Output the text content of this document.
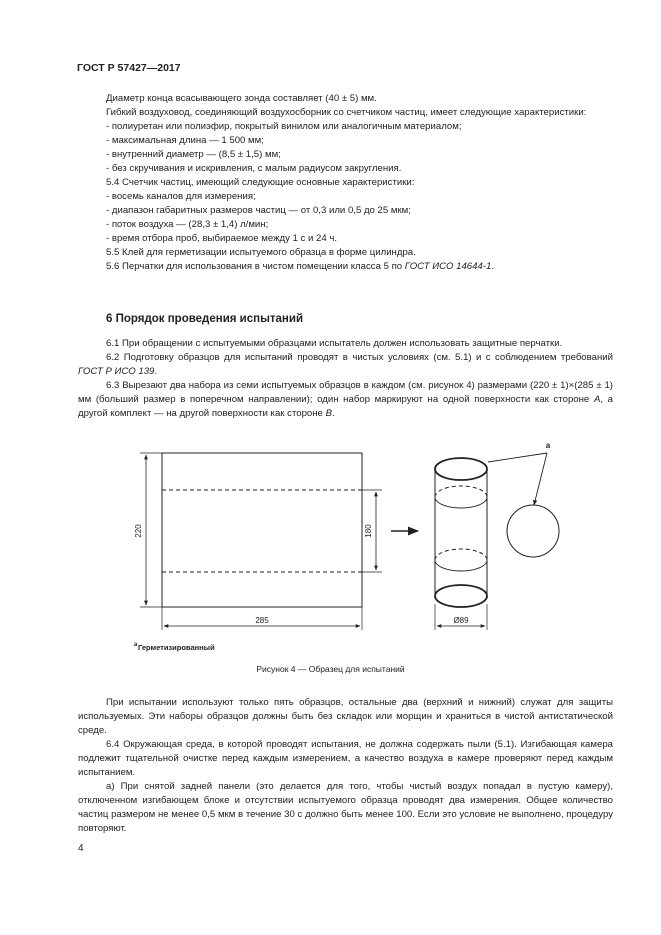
ГОСТ Р 57427—2017

Диаметр конца всасывающего зонда составляет (40 ± 5) мм.

Гибкий воздуховод, соединяющий воздухосборник со счетчиком частиц, имеет следующие характеристики:

- полиуретан или полиэфир, покрытый винилом или аналогичным материалом;

- максимальная длина — 1 500 мм;

- внутренний диаметр — (8,5 ± 1,5) мм;

- без скручивания и искривления, с малым радиусом закругления.

5.4 Счетчик частиц, имеющий следующие основные характеристики:

- восемь каналов для измерения;

- диапазон габаритных размеров частиц — от 0,3 или 0,5 до 25 мкм;

- поток воздуха — (28,3 ± 1,4) л/мин;

- время отбора проб, выбираемое между 1 с и 24 ч.

5.5 Клей для герметизации испытуемого образца в форме цилиндра.

5.6 Перчатки для использования в чистом помещении класса 5 по ГОСТ ИСО 14644-1.

6 Порядок проведения испытаний

6.1 При обращении с испытуемыми образцами испытатель должен использовать защитные перчатки.

6.2 Подготовку образцов для испытаний проводят в чистых условиях (см. 5.1) и с соблюдением требований ГОСТ Р ИСО 139.

6.3 Вырезают два набора из семи испытуемых образцов в каждом (см. рисунок 4) размерами (220 ± 1)×(285 ± 1) мм (больший размер в поперечном направлении); один набор маркируют на одной поверхности как стороне А, а другой комплект — на другой поверхности как стороне В.

220	180
285	Ø89
a
a Герметизированный
Рисунок 4 — Образец для испытаний

При испытании используют только пять образцов, остальные два (верхний и нижний) служат для защиты используемых. Эти наборы образцов должны быть без складок или морщин и храниться в чистой антистатической среде.

6.4 Окружающая среда, в которой проводят испытания, не должна содержать пыли (5.1). Изгибающая камера подлежит тщательной очистке перед каждым измерением, а качество воздуха в камере проверяют перед каждым испытанием.

а) При снятой задней панели (это делается для того, чтобы чистый воздух попадал в пустую камеру), отключенном изгибающем блоке и отсутствии испытуемого образца проводят два измерения. Общее количество частиц размером не менее 0,5 мкм в течение 30 с должно быть менее 100. Если это условие не выполнено, процедуру повторяют.

4
